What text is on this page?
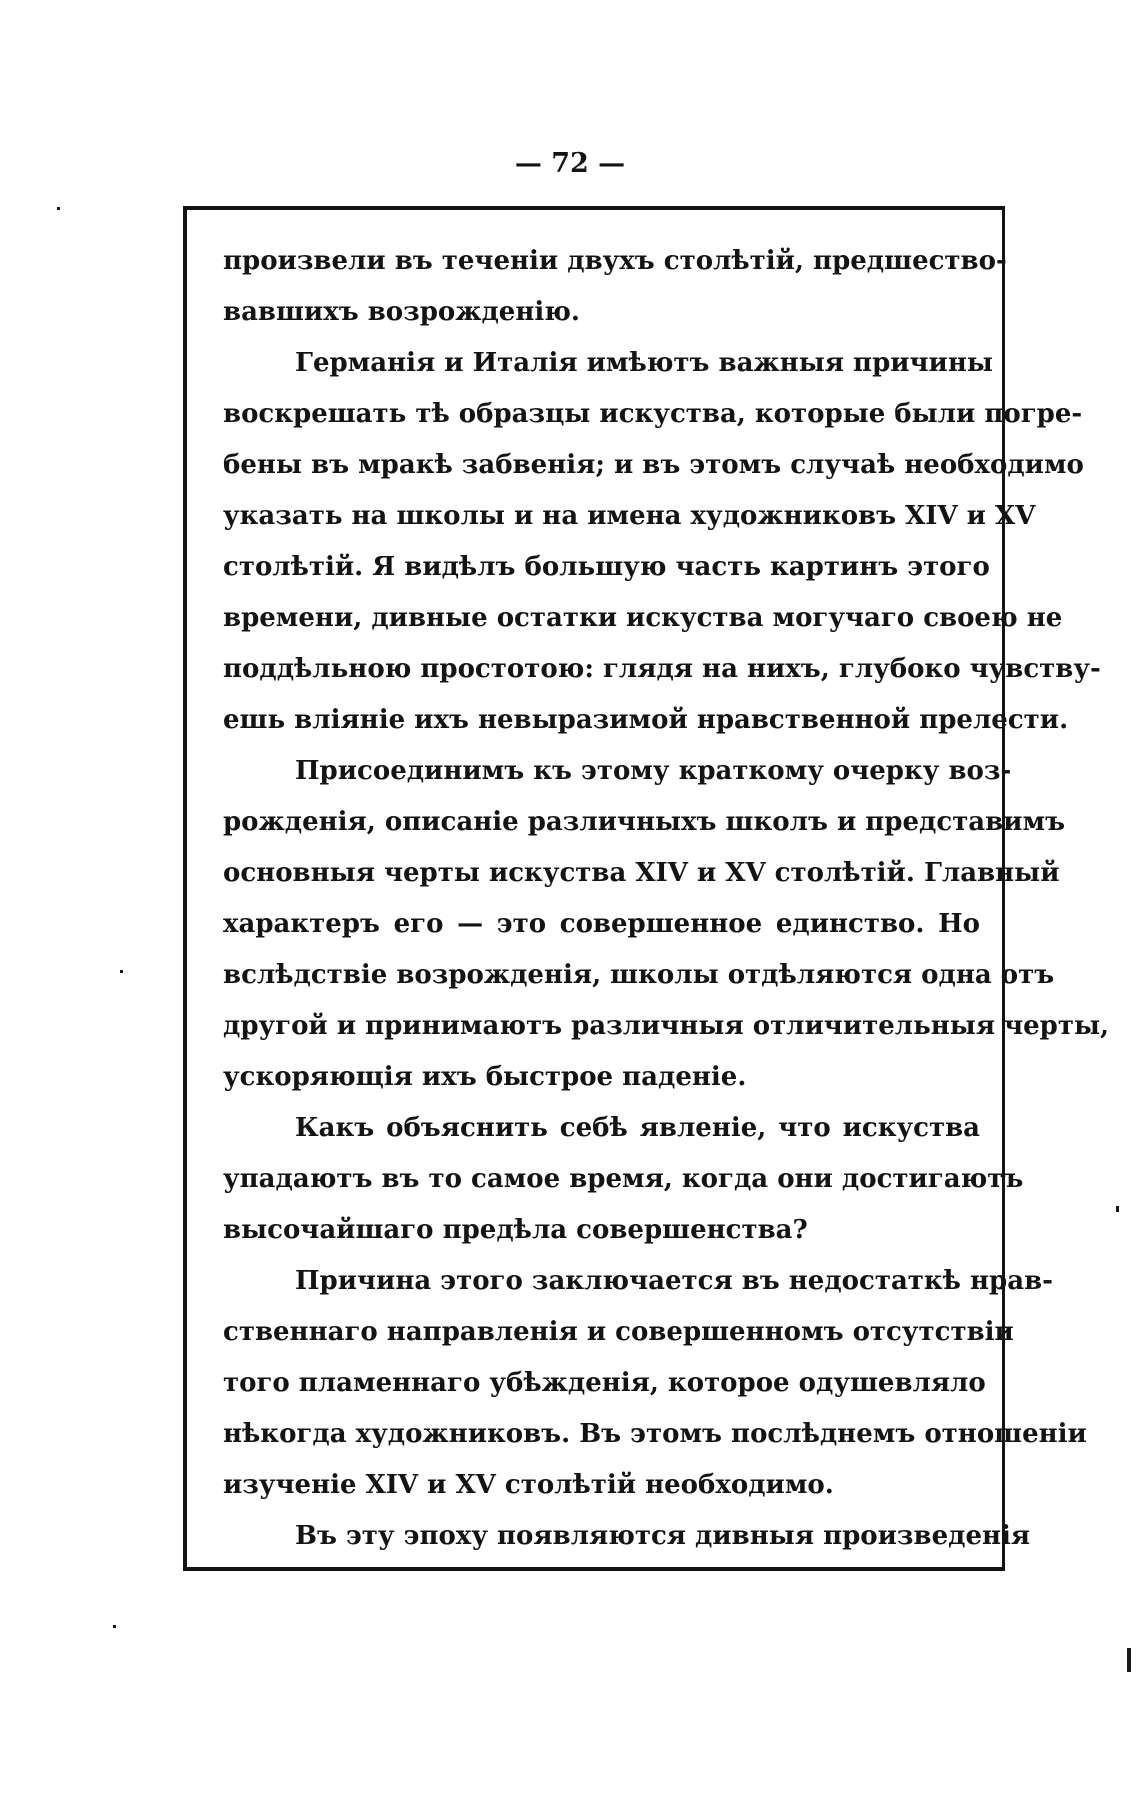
— 72 —
произвели въ теченіи двухъ столѣтій, предшество-
вавшихъ возрожденію.
Германія и Италія имѣютъ важныя причины
воскрешать тѣ образцы искуства, которые были погре-
бены въ мракѣ забвенія; и въ этомъ случаѣ необходимо
указать на школы и на имена художниковъ XIV и XV
столѣтій. Я видѣлъ большую часть картинъ этого
времени, дивные остатки искуства могучаго своею не
поддѣльною простотою: глядя на нихъ, глубоко чувству-
ешь вліяніе ихъ невыразимой нравственной прелести.
Присоединимъ къ этому краткому очерку воз-
рожденія, описаніе различныхъ школъ и представимъ
основныя черты искуства XIV и XV столѣтій. Главный
характеръ его — это совершенное единство. Но
вслѣдствіе возрожденія, школы отдѣляются одна отъ
другой и принимаютъ различныя отличительныя черты,
ускоряющія ихъ быстрое паденіе.
Какъ объяснить себѣ явленіе, что искуства
упадаютъ въ то самое время, когда они достигаютъ
высочайшаго предѣла совершенства?
Причина этого заключается въ недостаткѣ нрав-
ственнаго направленія и совершенномъ отсутствіи
того пламеннаго убѣжденія, которое одушевляло
нѣкогда художниковъ. Въ этомъ послѣднемъ отношеніи
изученіе XIV и XV столѣтій необходимо.
Въ эту эпоху появляются дивныя произведенія
